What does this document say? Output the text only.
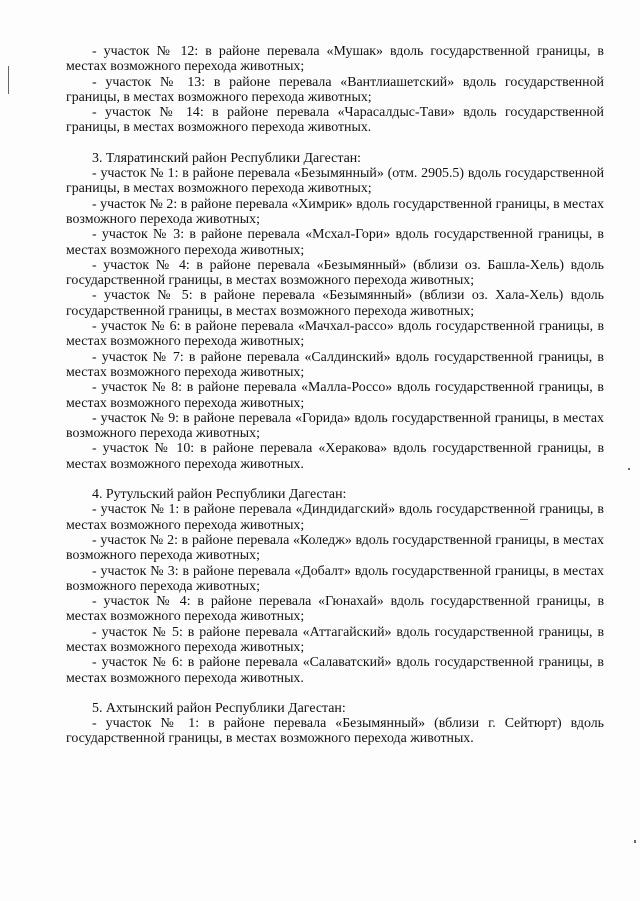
- участок № 12: в районе перевала «Мушак» вдоль государственной границы, в местах возможного перехода животных;

- участок № 13: в районе перевала «Вантлиашетский» вдоль государственной границы, в местах возможного перехода животных;

- участок № 14: в районе перевала «Чарасалдыс-Тави» вдоль государственной границы, в местах возможного перехода животных.

3. Тляратинский район Республики Дагестан:

- участок № 1: в районе перевала «Безымянный» (отм. 2905.5) вдоль государственной границы, в местах возможного перехода животных;

- участок № 2: в районе перевала «Химрик» вдоль государственной границы, в местах возможного перехода животных;

- участок № 3: в районе перевала «Мсхал-Гори» вдоль государственной границы, в местах возможного перехода животных;

- участок № 4: в районе перевала «Безымянный» (вблизи оз. Башла-Хель) вдоль государственной границы, в местах возможного перехода животных;

- участок № 5: в районе перевала «Безымянный» (вблизи оз. Хала-Хель) вдоль государственной границы, в местах возможного перехода животных;

- участок № 6: в районе перевала «Мачхал-рассо» вдоль государственной границы, в местах возможного перехода животных;

- участок № 7: в районе перевала «Салдинский» вдоль государственной границы, в местах возможного перехода животных;

- участок № 8: в районе перевала «Малла-Россо» вдоль государственной границы, в местах возможного перехода животных;

- участок № 9: в районе перевала «Горида» вдоль государственной границы, в местах возможного перехода животных;

- участок № 10: в районе перевала «Херакова» вдоль государственной границы, в местах возможного перехода животных.

4. Рутульский район Республики Дагестан:

- участок № 1: в районе перевала «Диндидагский» вдоль государственной границы, в местах возможного перехода животных;

- участок № 2: в районе перевала «Коледж» вдоль государственной границы, в местах возможного перехода животных;

- участок № 3: в районе перевала «Добалт» вдоль государственной границы, в местах возможного перехода животных;

- участок № 4: в районе перевала «Гюнахай» вдоль государственной границы, в местах возможного перехода животных;

- участок № 5: в районе перевала «Аттагайский» вдоль государственной границы, в местах возможного перехода животных;

- участок № 6: в районе перевала «Салаватский» вдоль государственной границы, в местах возможного перехода животных.

5. Ахтынский район Республики Дагестан:

- участок № 1: в районе перевала «Безымянный» (вблизи г. Сейтюрт) вдоль государственной границы, в местах возможного перехода животных.
